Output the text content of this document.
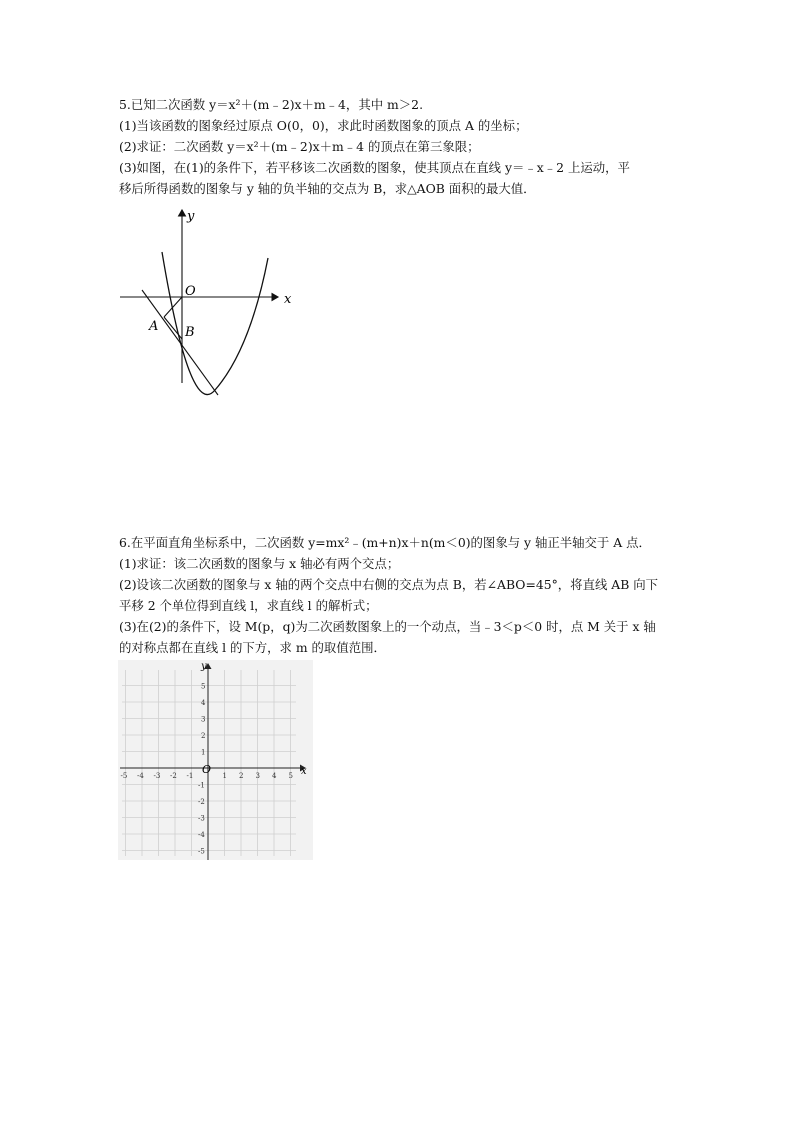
5.已知二次函数 y＝x²＋(m﹣2)x＋m﹣4，其中 m＞2.
(1)当该函数的图象经过原点 O(0，0)，求此时函数图象的顶点 A 的坐标；
(2)求证：二次函数 y＝x²＋(m﹣2)x＋m﹣4 的顶点在第三象限；
(3)如图，在(1)的条件下，若平移该二次函数的图象，使其顶点在直线 y＝﹣x﹣2 上运动，平
移后所得函数的图象与 y 轴的负半轴的交点为 B，求△AOB 面积的最大值．
y
x
O
A B
6.在平面直角坐标系中，二次函数 y=mx²﹣(m+n)x＋n(m＜0)的图象与 y 轴正半轴交于 A 点．
(1)求证：该二次函数的图象与 x 轴必有两个交点；
(2)设该二次函数的图象与 x 轴的两个交点中右侧的交点为点 B，若∠ABO=45°，将直线 AB 向下
平移 2 个单位得到直线 l，求直线 l 的解析式；
(3)在(2)的条件下，设 M(p，q)为二次函数图象上的一个动点，当﹣3＜p＜0 时，点 M 关于 x 轴
的对称点都在直线 l 的下方，求 m 的取值范围．
-5 -4 -3 -2 -1	1 2 3 4 5
5
4
3
2
1
-1
-2
-3
-4
-5
y
x
O
